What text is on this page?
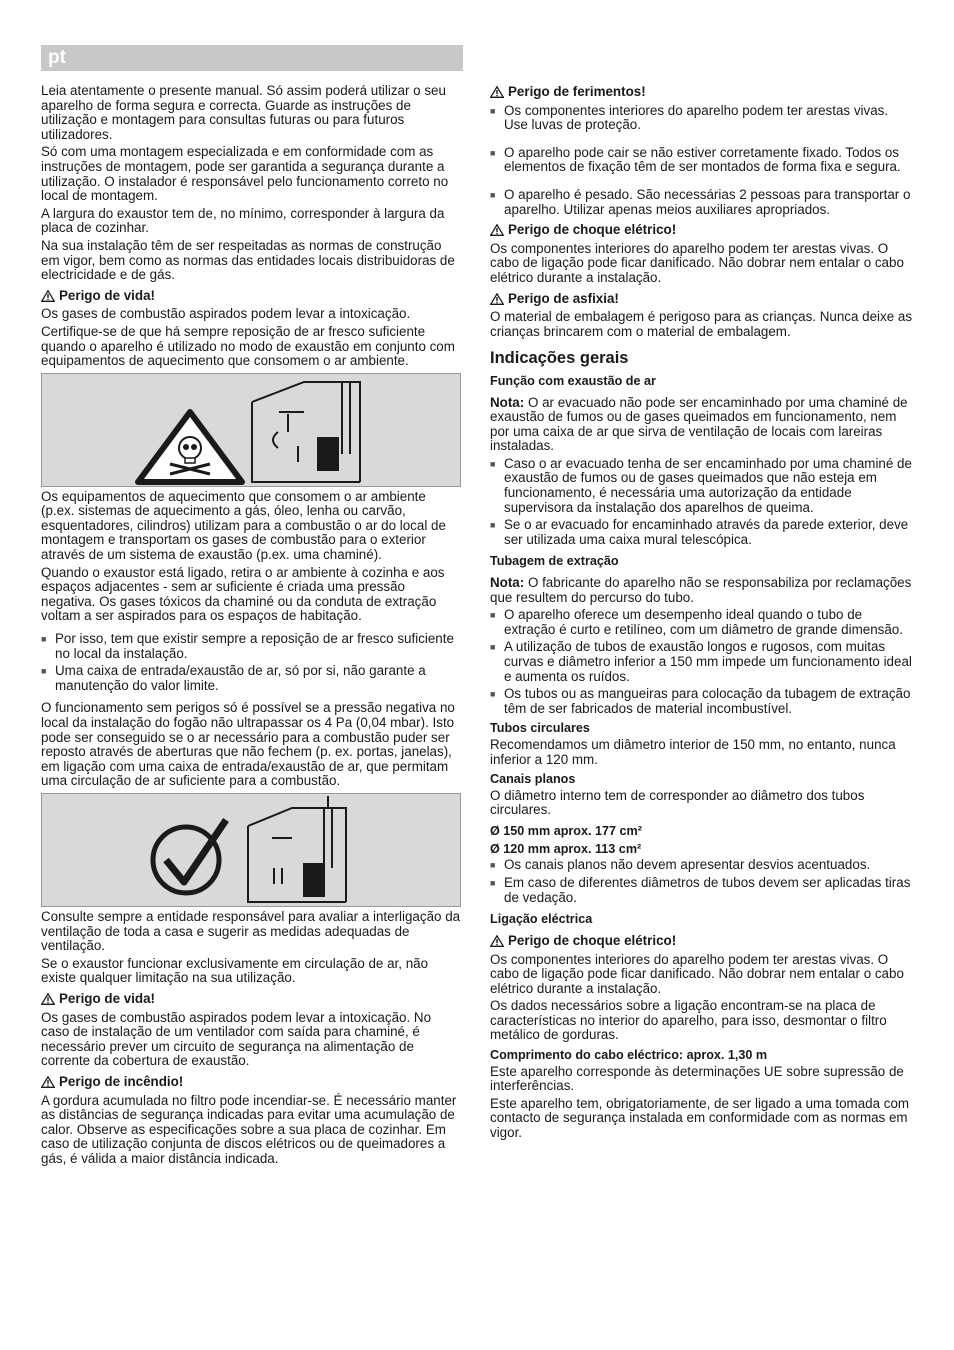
pt

Leia atentamente o presente manual. Só assim poderá utilizar o seu aparelho de forma segura e correcta. Guarde as instruções de utilização e montagem para consultas futuras ou para futuros utilizadores.

Só com uma montagem especializada e em conformidade com as instruções de montagem, pode ser garantida a segurança durante a utilização. O instalador é responsável pelo funcionamento correto no local de montagem.

A largura do exaustor tem de, no mínimo, corresponder à largura da placa de cozinhar.

Na sua instalação têm de ser respeitadas as normas de construção em vigor, bem como as normas das entidades locais distribuidoras de electricidade e de gás.

Perigo de vida!

Os gases de combustão aspirados podem levar a intoxicação.

Certifique-se de que há sempre reposição de ar fresco suficiente quando o aparelho é utilizado no modo de exaustão em conjunto com equipamentos de aquecimento que consomem o ar ambiente.

Os equipamentos de aquecimento que consomem o ar ambiente (p.ex. sistemas de aquecimento a gás, óleo, lenha ou carvão, esquentadores, cilindros) utilizam para a combustão o ar do local de montagem e transportam os gases de combustão para o exterior através de um sistema de exaustão (p.ex. uma chaminé).

Quando o exaustor está ligado, retira o ar ambiente à cozinha e aos espaços adjacentes - sem ar suficiente é criada uma pressão negativa. Os gases tóxicos da chaminé ou da conduta de extração voltam a ser aspirados para os espaços de habitação.

■ Por isso, tem que existir sempre a reposição de ar fresco suficiente no local da instalação.
■ Uma caixa de entrada/exaustão de ar, só por si, não garante a manutenção do valor limite.

O funcionamento sem perigos só é possível se a pressão negativa no local da instalação do fogão não ultrapassar os 4 Pa (0,04 mbar). Isto pode ser conseguido se o ar necessário para a combustão puder ser reposto através de aberturas que não fechem (p. ex. portas, janelas), em ligação com uma caixa de entrada/exaustão de ar, que permitam uma circulação de ar suficiente para a combustão.

Consulte sempre a entidade responsável para avaliar a interligação da ventilação de toda a casa e sugerir as medidas adequadas de ventilação.

Se o exaustor funcionar exclusivamente em circulação de ar, não existe qualquer limitação na sua utilização.

Perigo de vida!

Os gases de combustão aspirados podem levar a intoxicação. No caso de instalação de um ventilador com saída para chaminé, é necessário prever um circuito de segurança na alimentação de corrente da cobertura de exaustão.

Perigo de incêndio!

A gordura acumulada no filtro pode incendiar-se. É necessário manter as distâncias de segurança indicadas para evitar uma acumulação de calor. Observe as especificações sobre a sua placa de cozinhar. Em caso de utilização conjunta de discos elétricos ou de queimadores a gás, é válida a maior distância indicada.

Perigo de ferimentos!
■ Os componentes interiores do aparelho podem ter arestas vivas. Use luvas de proteção.
■ O aparelho pode cair se não estiver corretamente fixado. Todos os elementos de fixação têm de ser montados de forma fixa e segura.
■ O aparelho é pesado. São necessárias 2 pessoas para transportar o aparelho. Utilizar apenas meios auxiliares apropriados.
Perigo de choque elétrico!

Os componentes interiores do aparelho podem ter arestas vivas. O cabo de ligação pode ficar danificado. Não dobrar nem entalar o cabo elétrico durante a instalação.

Perigo de asfixia!

O material de embalagem é perigoso para as crianças. Nunca deixe as crianças brincarem com o material de embalagem.

Indicações gerais
Função com exaustão de ar

Nota: O ar evacuado não pode ser encaminhado por uma chaminé de exaustão de fumos ou de gases queimados em funcionamento, nem por uma caixa de ar que sirva de ventilação de locais com lareiras instaladas.

■ Caso o ar evacuado tenha de ser encaminhado por uma chaminé de exaustão de fumos ou de gases queimados que não esteja em funcionamento, é necessária uma autorização da entidade supervisora da instalação dos aparelhos de queima.
■ Se o ar evacuado for encaminhado através da parede exterior, deve ser utilizada uma caixa mural telescópica.
Tubagem de extração

Nota: O fabricante do aparelho não se responsabiliza por reclamações que resultem do percurso do tubo.

■ O aparelho oferece um desempenho ideal quando o tubo de extração é curto e retilíneo, com um diâmetro de grande dimensão.
■ A utilização de tubos de exaustão longos e rugosos, com muitas curvas e diâmetro inferior a 150 mm impede um funcionamento ideal e aumenta os ruídos.
■ Os tubos ou as mangueiras para colocação da tubagem de extração têm de ser fabricados de material incombustível.
Tubos circulares

Recomendamos um diâmetro interior de 150 mm, no entanto, nunca inferior a 120 mm.

Canais planos

O diâmetro interno tem de corresponder ao diâmetro dos tubos circulares.

Ø 150 mm aprox. 177 cm²
Ø 120 mm aprox. 113 cm²
■ Os canais planos não devem apresentar desvios acentuados.
■ Em caso de diferentes diâmetros de tubos devem ser aplicadas tiras de vedação.
Ligação eléctrica
Perigo de choque elétrico!

Os componentes interiores do aparelho podem ter arestas vivas. O cabo de ligação pode ficar danificado. Não dobrar nem entalar o cabo elétrico durante a instalação.

Os dados necessários sobre a ligação encontram-se na placa de características no interior do aparelho, para isso, desmontar o filtro metálico de gorduras.

Comprimento do cabo eléctrico: aprox. 1,30 m

Este aparelho corresponde às determinações UE sobre supressão de interferências.

Este aparelho tem, obrigatoriamente, de ser ligado a uma tomada com contacto de segurança instalada em conformidade com as normas em vigor.
